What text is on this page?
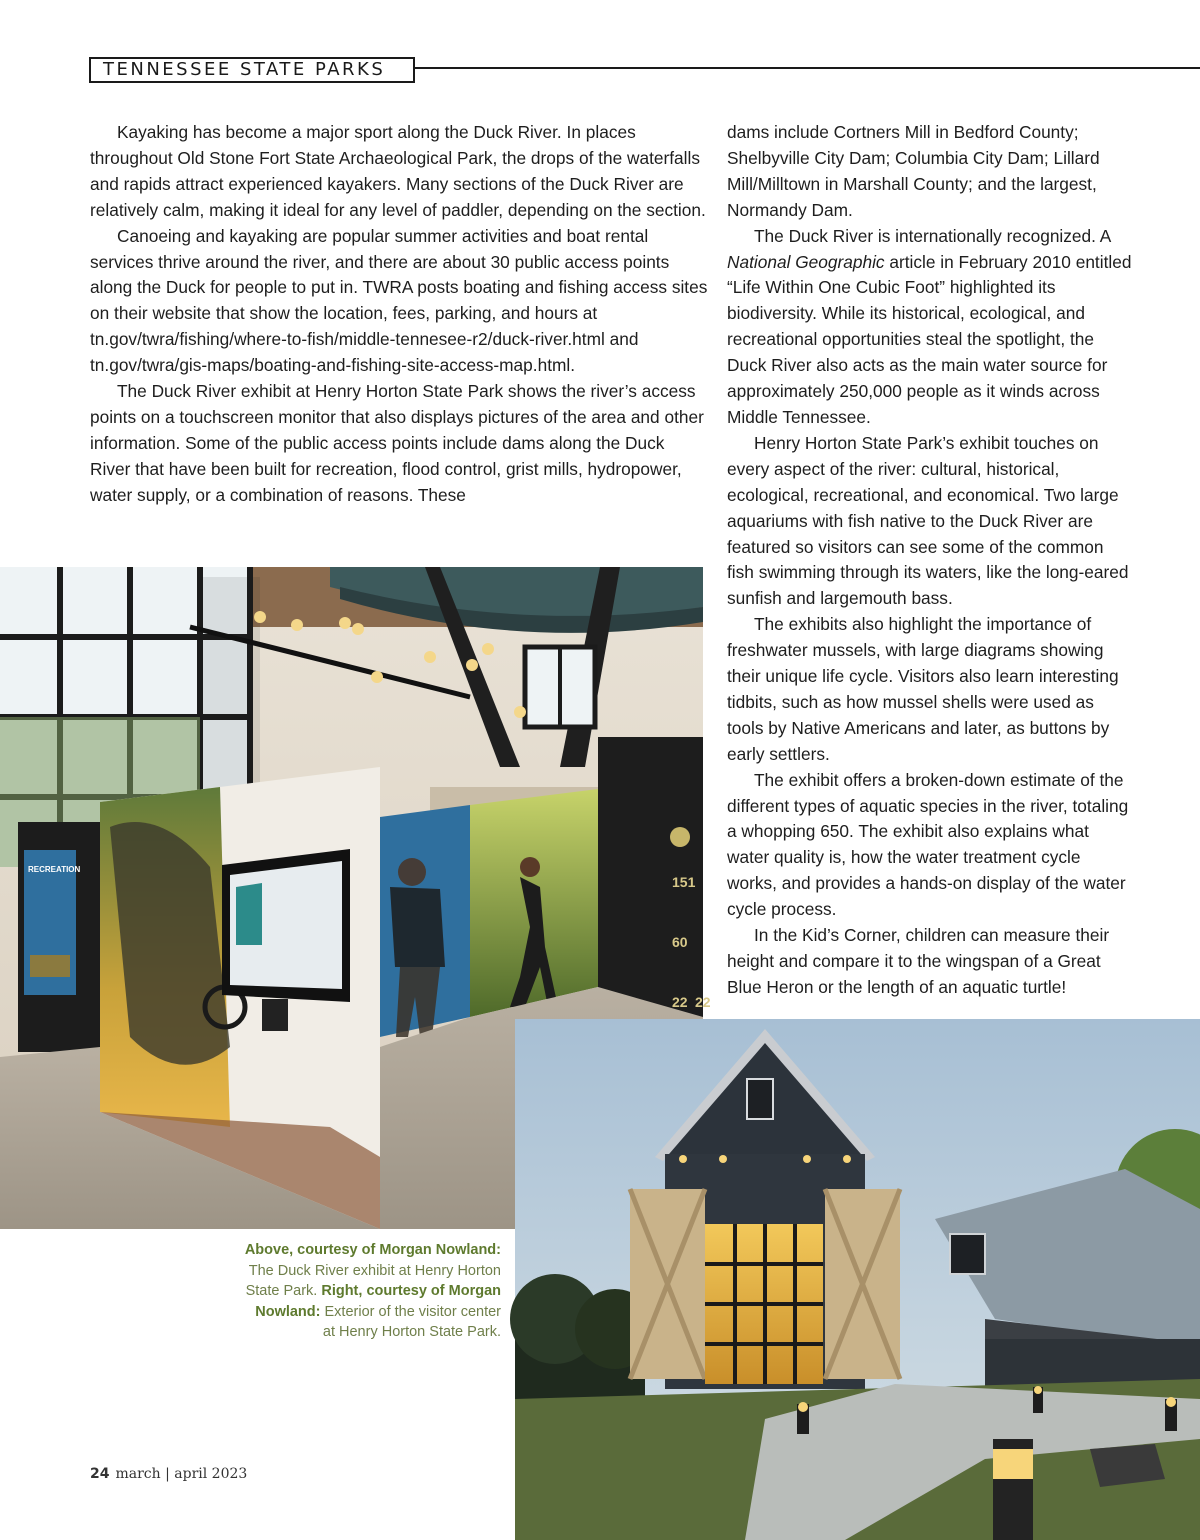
TENNESSEE STATE PARKS

Kayaking has become a major sport along the Duck River. In places throughout Old Stone Fort State Archaeological Park, the drops of the waterfalls and rapids attract experienced kayakers. Many sections of the Duck River are relatively calm, making it ideal for any level of paddler, depending on the section.

Canoeing and kayaking are popular summer activities and boat rental services thrive around the river, and there are about 30 public access points along the Duck for people to put in. TWRA posts boating and fishing access sites on their website that show the location, fees, parking, and hours at tn.gov/twra/fishing/where-to-fish/middle-tennesee-r2/duck-river.html and tn.gov/twra/gis-maps/boating-and-fishing-site-access-map.html.

The Duck River exhibit at Henry Horton State Park shows the river’s access points on a touchscreen monitor that also displays pictures of the area and other information. Some of the public access points include dams along the Duck River that have been built for recreation, flood control, grist mills, hydropower, water supply, or a combination of reasons. These

dams include Cortners Mill in Bedford County; Shelbyville City Dam; Columbia City Dam; Lillard Mill/Milltown in Marshall County; and the largest, Normandy Dam.

The Duck River is internationally recognized. A National Geographic article in February 2010 entitled “Life Within One Cubic Foot” highlighted its biodiversity. While its historical, ecological, and recreational opportunities steal the spotlight, the Duck River also acts as the main water source for approximately 250,000 people as it winds across Middle Tennessee.

Henry Horton State Park’s exhibit touches on every aspect of the river: cultural, historical, ecological, recreational, and economical. Two large aquariums with fish native to the Duck River are featured so visitors can see some of the common fish swimming through its waters, like the long-eared sunfish and largemouth bass.

The exhibits also highlight the importance of freshwater mussels, with large diagrams showing their unique life cycle. Visitors also learn interesting tidbits, such as how mussel shells were used as tools by Native Americans and later, as buttons by early settlers.

The exhibit offers a broken-down estimate of the different types of aquatic species in the river, totaling a whopping 650. The exhibit also explains what water quality is, how the water treatment cycle works, and provides a hands-on display of the water cycle process.

In the Kid’s Corner, children can measure their height and compare it to the wingspan of a Great Blue Heron or the length of an aquatic turtle!

RECREATION
151
60
22 22
Above, courtesy of Morgan Nowland: The Duck River exhibit at Henry Horton State Park. Right, courtesy of Morgan Nowland: Exterior of the visitor center at Henry Horton State Park.
24 march | april 2023
